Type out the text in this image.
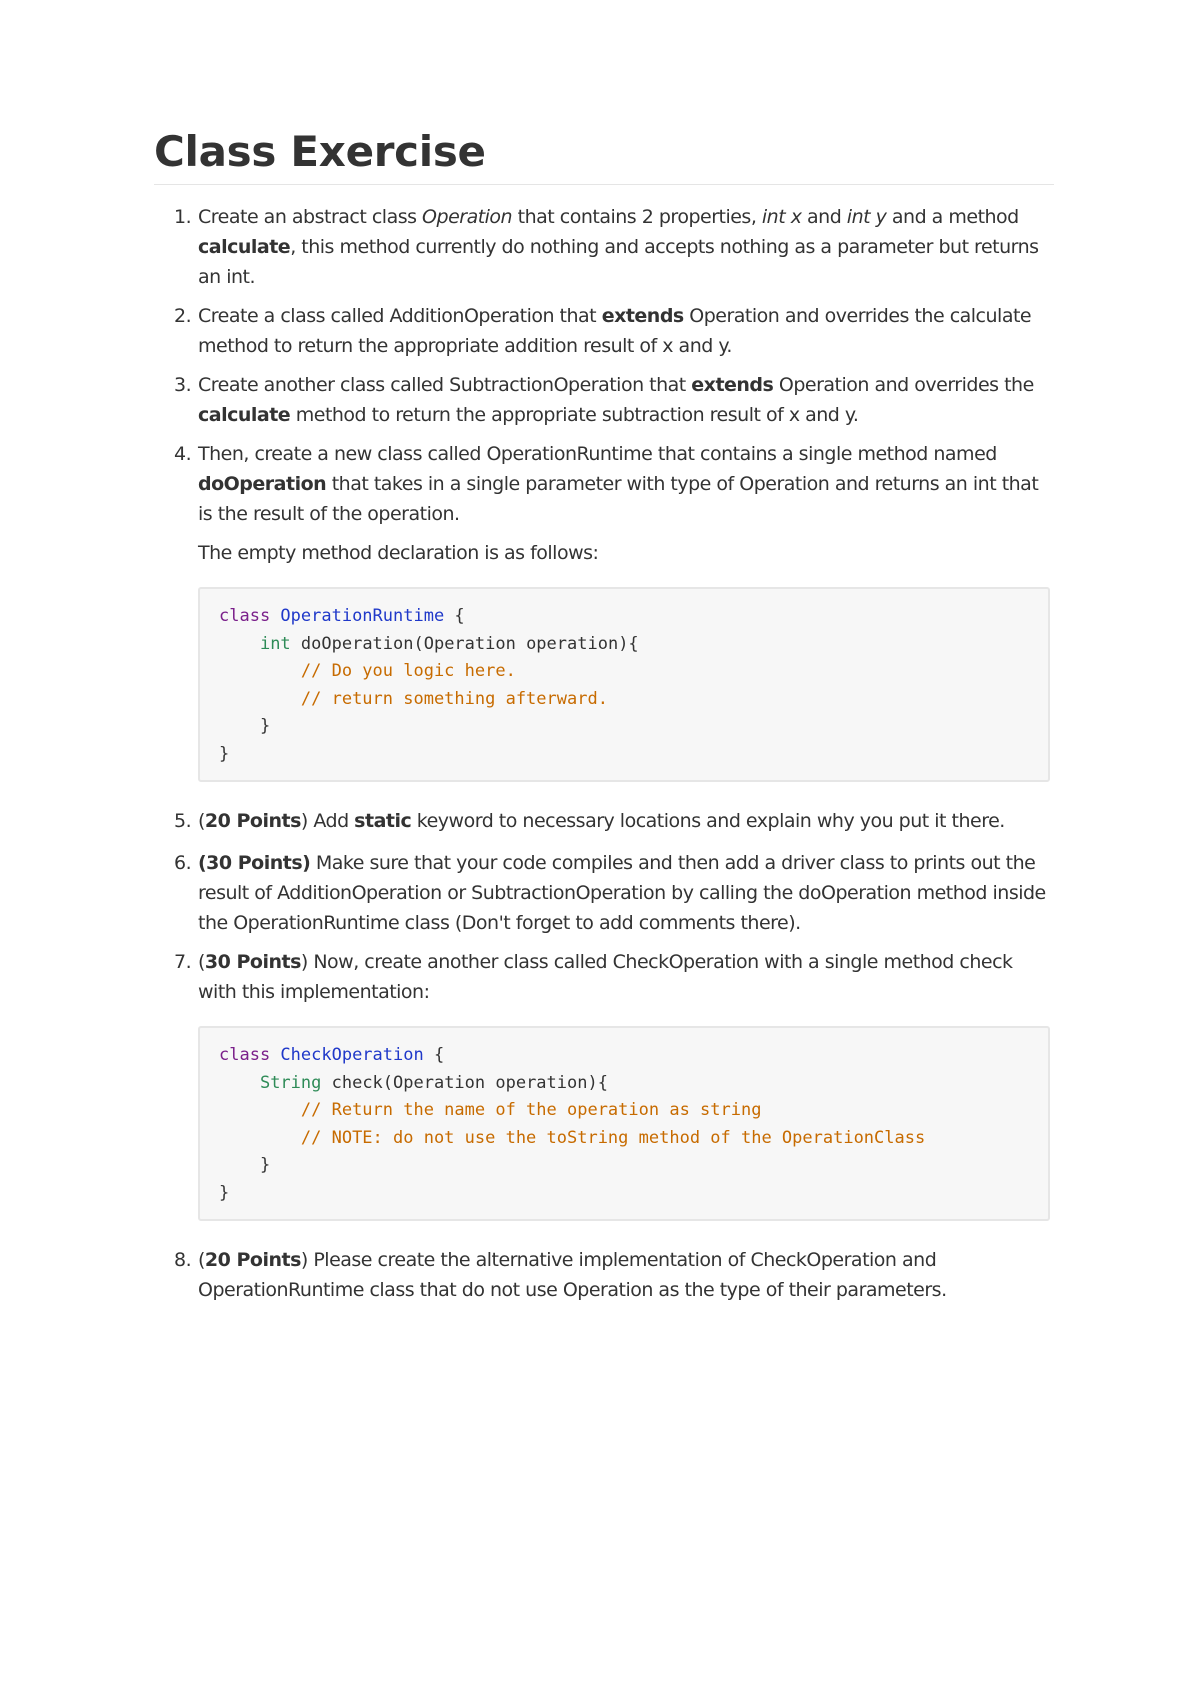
Class Exercise
1. Create an abstract class Operation that contains 2 properties, int x and int y and a method calculate, this method currently do nothing and accepts nothing as a parameter but returns an int.

2. Create a class called AdditionOperation that extends Operation and overrides the calculate method to return the appropriate addition result of x and y.

3. Create another class called SubtractionOperation that extends Operation and overrides the calculate method to return the appropriate subtraction result of x and y.

4. Then, create a new class called OperationRuntime that contains a single method named doOperation that takes in a single parameter with type of Operation and returns an int that is the result of the operation.

The empty method declaration is as follows:

class OperationRuntime {
int doOperation(Operation operation){
// Do you logic here.
// return something afterward.
}
}
5. (20 Points) Add static keyword to necessary locations and explain why you put it there.

6. (30 Points) Make sure that your code compiles and then add a driver class to prints out the result of AdditionOperation or SubtractionOperation by calling the doOperation method inside the OperationRuntime class (Don't forget to add comments there).

7. (30 Points) Now, create another class called CheckOperation with a single method check with this implementation:

class CheckOperation {
String check(Operation operation){
// Return the name of the operation as string
// NOTE: do not use the toString method of the OperationClass
}
}
8. (20 Points) Please create the alternative implementation of CheckOperation and OperationRuntime class that do not use Operation as the type of their parameters.
